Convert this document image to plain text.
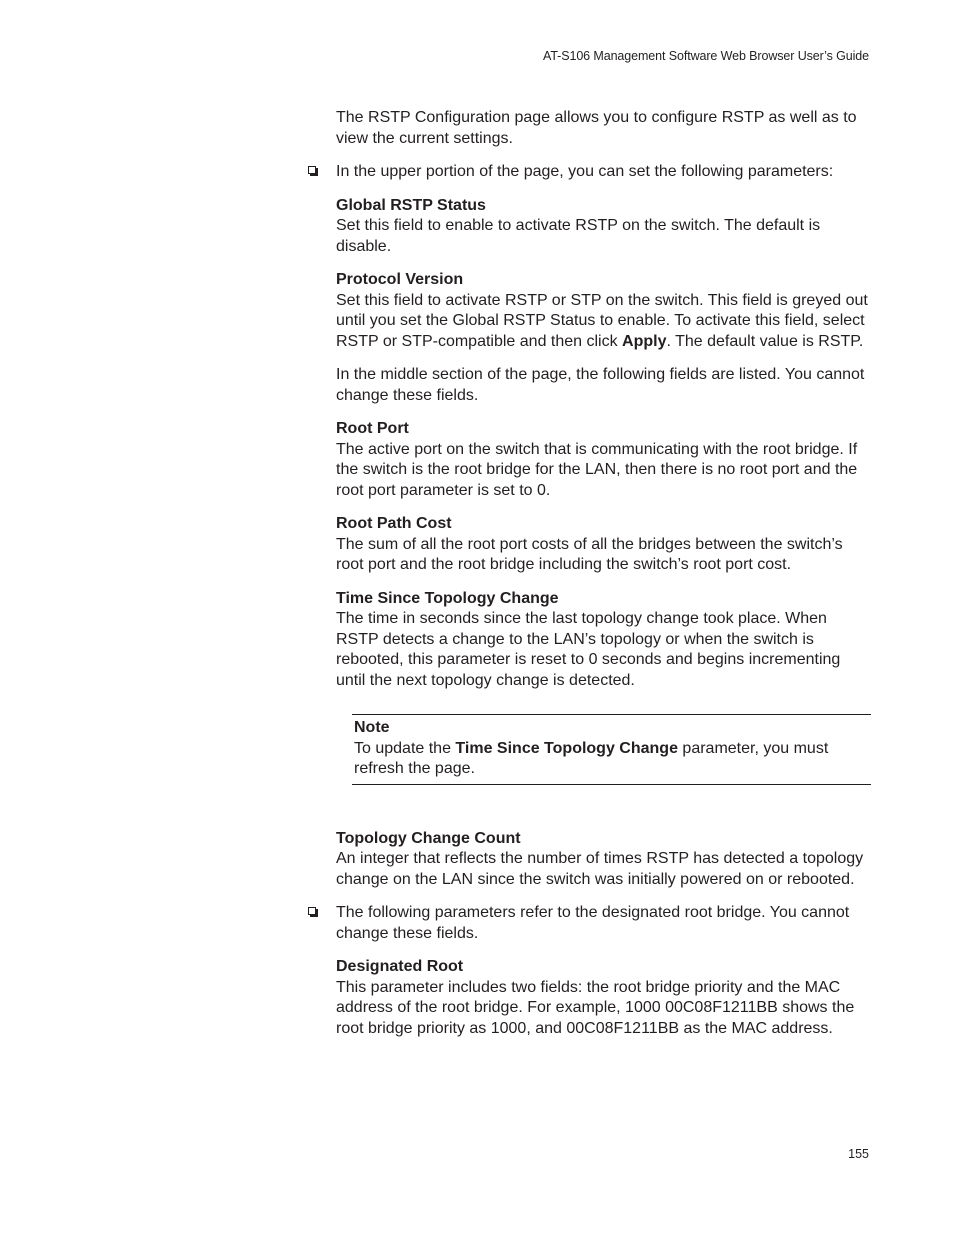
AT-S106 Management Software Web Browser User’s Guide

The RSTP Configuration page allows you to configure RSTP as well as to view the current settings.

In the upper portion of the page, you can set the following parameters:

Global RSTP Status

Set this field to enable to activate RSTP on the switch. The default is disable.

Protocol Version

Set this field to activate RSTP or STP on the switch. This field is greyed out until you set the Global RSTP Status to enable. To activate this field, select RSTP or STP-compatible and then click Apply. The default value is RSTP.

In the middle section of the page, the following fields are listed. You cannot change these fields.

Root Port

The active port on the switch that is communicating with the root bridge. If the switch is the root bridge for the LAN, then there is no root port and the root port parameter is set to 0.

Root Path Cost

The sum of all the root port costs of all the bridges between the switch’s root port and the root bridge including the switch’s root port cost.

Time Since Topology Change

The time in seconds since the last topology change took place. When RSTP detects a change to the LAN’s topology or when the switch is rebooted, this parameter is reset to 0 seconds and begins incrementing until the next topology change is detected.

Note

To update the Time Since Topology Change parameter, you must refresh the page.

Topology Change Count

An integer that reflects the number of times RSTP has detected a topology change on the LAN since the switch was initially powered on or rebooted.

The following parameters refer to the designated root bridge. You cannot change these fields.

Designated Root

This parameter includes two fields: the root bridge priority and the MAC address of the root bridge. For example, 1000 00C08F1211BB shows the root bridge priority as 1000, and 00C08F1211BB as the MAC address.

155
